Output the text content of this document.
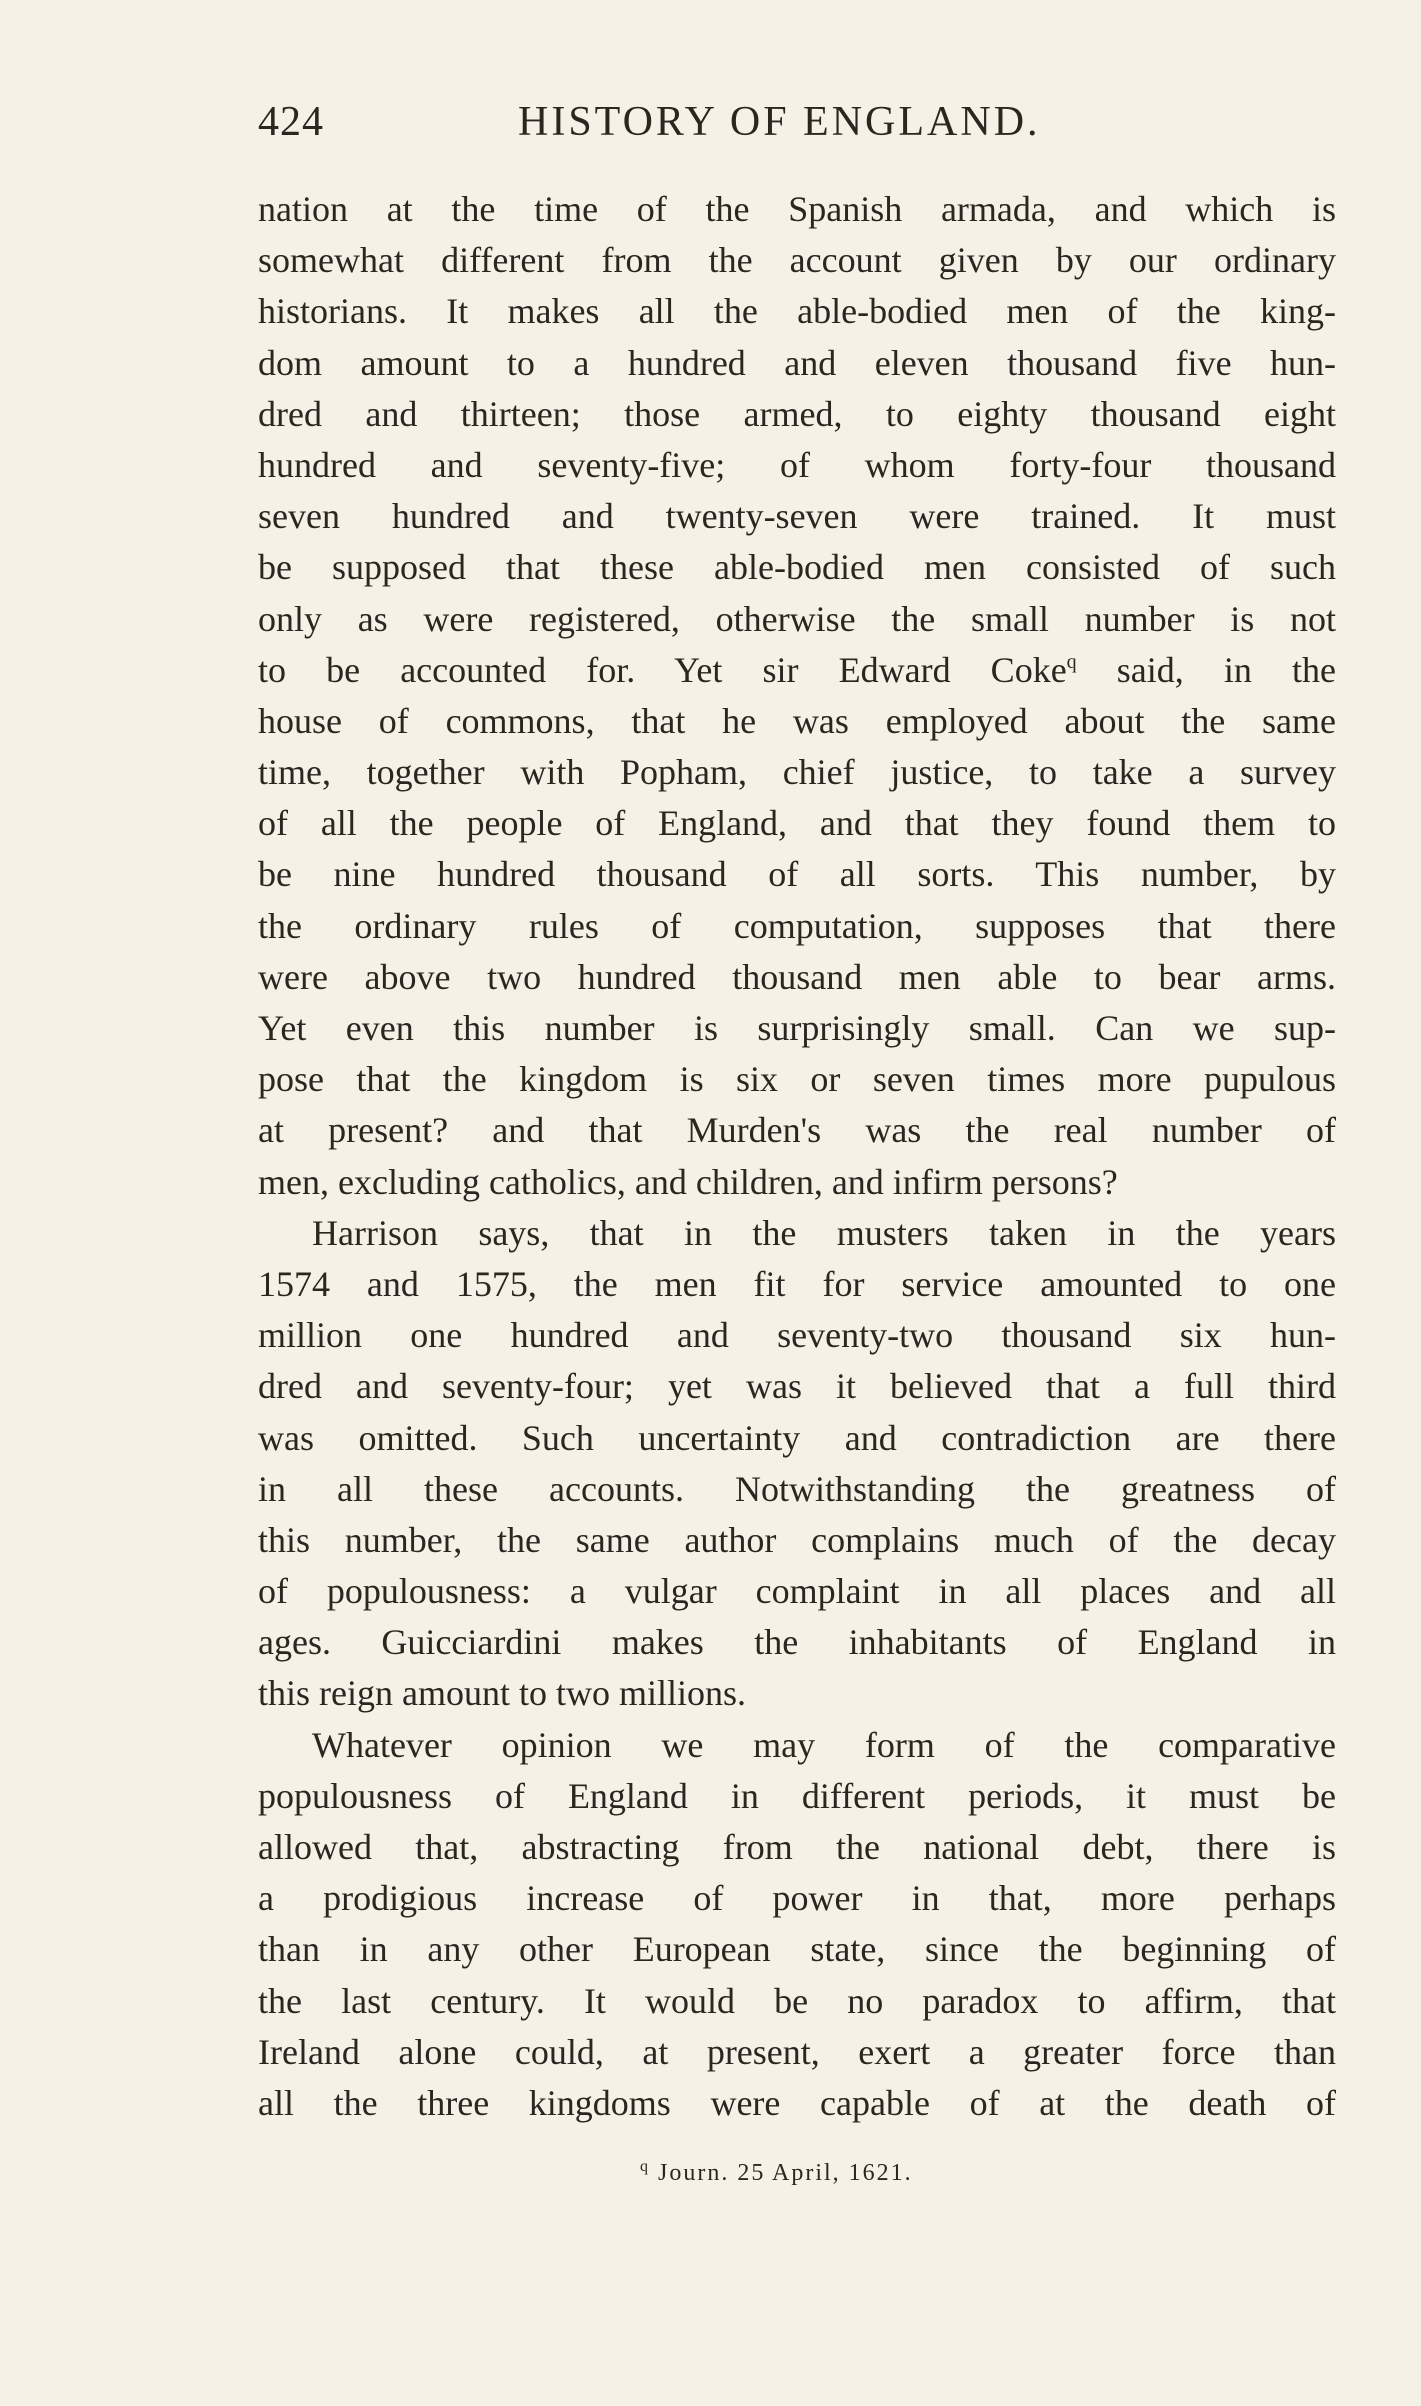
424	HISTORY OF ENGLAND.

nation at the time of the Spanish armada, and which is
somewhat different from the account given by our ordinary
historians. It makes all the able-bodied men of the king-
dom amount to a hundred and eleven thousand five hun-
dred and thirteen; those armed, to eighty thousand eight
hundred and seventy-five; of whom forty-four thousand
seven hundred and twenty-seven were trained. It must
be supposed that these able-bodied men consisted of such
only as were registered, otherwise the small number is not
to be accounted for. Yet sir Edward Coke$^q$ said, in the
house of commons, that he was employed about the same
time, together with Popham, chief justice, to take a survey
of all the people of England, and that they found them to
be nine hundred thousand of all sorts. This number, by
the ordinary rules of computation, supposes that there
were above two hundred thousand men able to bear arms.
Yet even this number is surprisingly small. Can we sup-
pose that the kingdom is six or seven times more pupulous
at present? and that Murden's was the real number of
men, excluding catholics, and children, and infirm persons?

Harrison says, that in the musters taken in the years
1574 and 1575, the men fit for service amounted to one
million one hundred and seventy-two thousand six hun-
dred and seventy-four; yet was it believed that a full third
was omitted. Such uncertainty and contradiction are there
in all these accounts. Notwithstanding the greatness of
this number, the same author complains much of the decay
of populousness: a vulgar complaint in all places and all
ages. Guicciardini makes the inhabitants of England in
this reign amount to two millions.

Whatever opinion we may form of the comparative
populousness of England in different periods, it must be
allowed that, abstracting from the national debt, there is
a prodigious increase of power in that, more perhaps
than in any other European state, since the beginning of
the last century. It would be no paradox to affirm, that
Ireland alone could, at present, exert a greater force than
all the three kingdoms were capable of at the death of

$^q$ Journ. 25 April, 1621.
